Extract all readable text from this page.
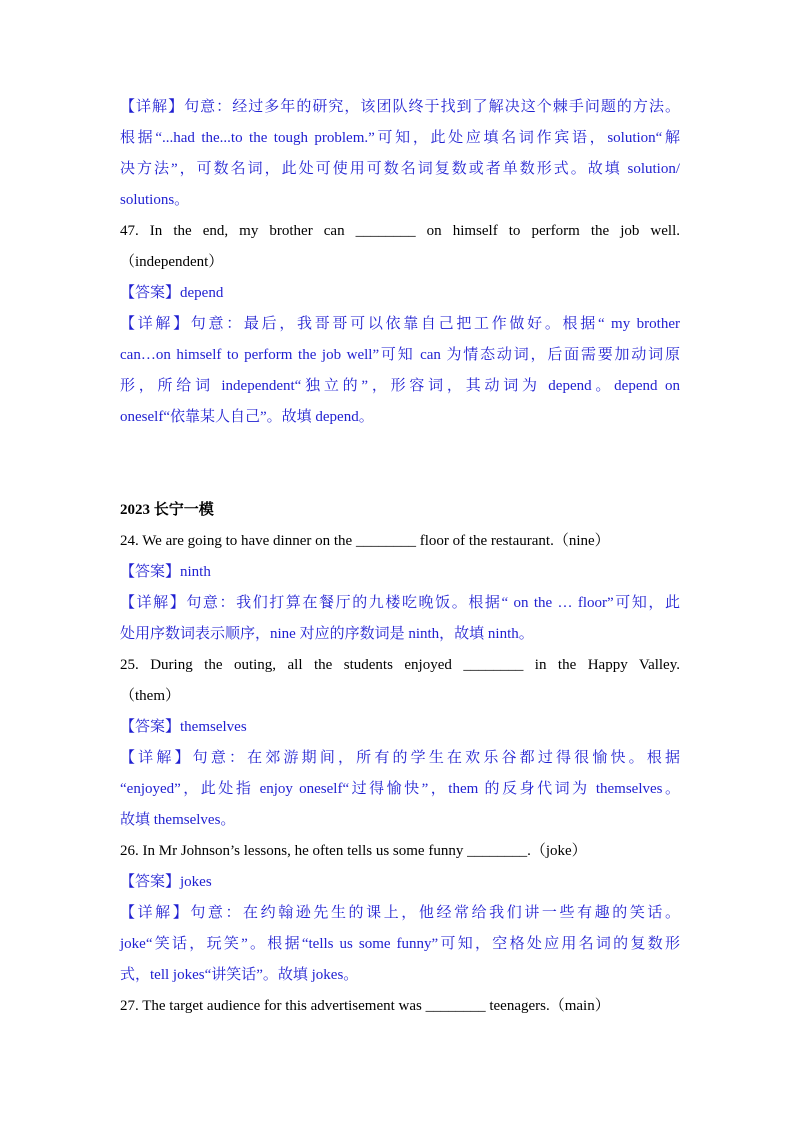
【详解】句意：经过多年的研究，该团队终于找到了解决这个棘手问题的方法。
根据“...had the...to the tough problem.”可知，此处应填名词作宾语，solution“解
决方法”，可数名词，此处可使用可数名词复数或者单数形式。故填 solution/
solutions。
47. In the end, my brother can ________ on himself to perform the job well.
（independent）
【答案】depend
【详解】句意：最后，我哥哥可以依靠自己把工作做好。根据“ my brother
can…on himself to perform the job well”可知 can 为情态动词，后面需要加动词原
形，所给词 independent“独立的”，形容词，其动词为 depend。depend on
oneself“依靠某人自己”。故填 depend。
2023 长宁一模
24. We are going to have dinner on the ________ floor of the restaurant.（nine）
【答案】ninth
【详解】句意：我们打算在餐厅的九楼吃晚饭。根据“ on the … floor”可知，此
处用序数词表示顺序，nine 对应的序数词是 ninth，故填 ninth。
25. During the outing, all the students enjoyed ________ in the Happy Valley.
（them）
【答案】themselves
【详解】句意：在郊游期间，所有的学生在欢乐谷都过得很愉快。根据
“enjoyed”，此处指 enjoy oneself“过得愉快”，them 的反身代词为 themselves。
故填 themselves。
26. In Mr Johnson’s lessons, he often tells us some funny ________.（joke）
【答案】jokes
【详解】句意：在约翰逊先生的课上，他经常给我们讲一些有趣的笑话。
joke“笑话，玩笑”。根据“tells us some funny”可知，空格处应用名词的复数形
式，tell jokes“讲笑话”。故填 jokes。
27. The target audience for this advertisement was ________ teenagers.（main）
